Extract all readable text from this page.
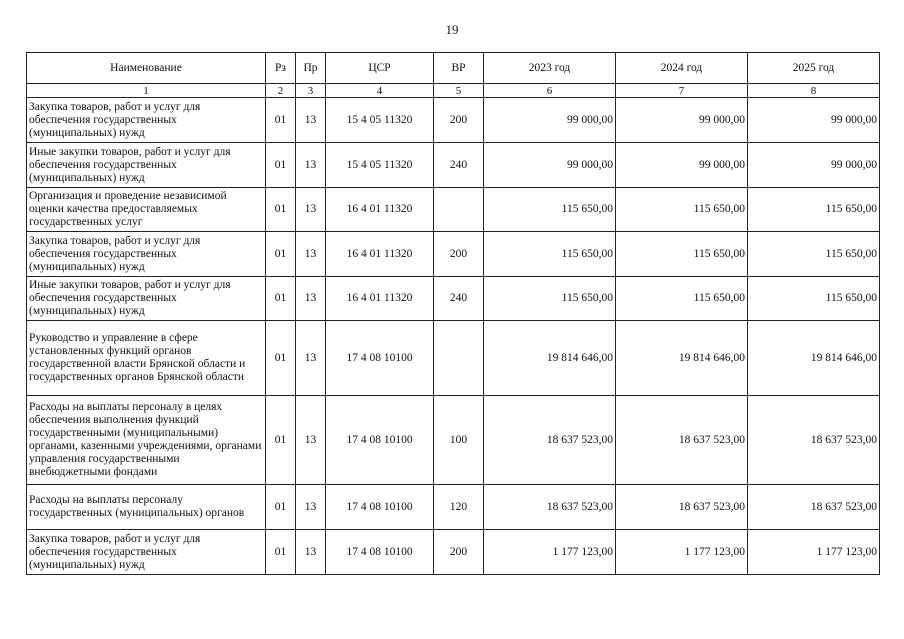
19
Наименование	Рз	Пр	ЦСР	ВР	2023 год	2024 год	2025 год
1	2	3	4	5	6	7	8
Закупка товаров, работ и услуг для обеспечения государственных (муниципальных) нужд	01	13	15 4 05 11320	200	99 000,00	99 000,00	99 000,00
Иные закупки товаров, работ и услуг для обеспечения государственных (муниципальных) нужд	01	13	15 4 05 11320	240	99 000,00	99 000,00	99 000,00
Организация и проведение независимой оценки качества предоставляемых государственных услуг	01	13	16 4 01 11320		115 650,00	115 650,00	115 650,00
Закупка товаров, работ и услуг для обеспечения государственных (муниципальных) нужд	01	13	16 4 01 11320	200	115 650,00	115 650,00	115 650,00
Иные закупки товаров, работ и услуг для обеспечения государственных (муниципальных) нужд	01	13	16 4 01 11320	240	115 650,00	115 650,00	115 650,00
Руководство и управление в сфере установленных функций органов государственной власти Брянской области и государственных органов Брянской области	01	13	17 4 08 10100		19 814 646,00	19 814 646,00	19 814 646,00
Расходы на выплаты персоналу в целях обеспечения выполнения функций государственными (муниципальными) органами, казенными учреждениями, органами управления государственными внебюджетными фондами	01	13	17 4 08 10100	100	18 637 523,00	18 637 523,00	18 637 523,00
Расходы на выплаты персоналу государственных (муниципальных) органов	01	13	17 4 08 10100	120	18 637 523,00	18 637 523,00	18 637 523,00
Закупка товаров, работ и услуг для обеспечения государственных (муниципальных) нужд	01	13	17 4 08 10100	200	1 177 123,00	1 177 123,00	1 177 123,00
